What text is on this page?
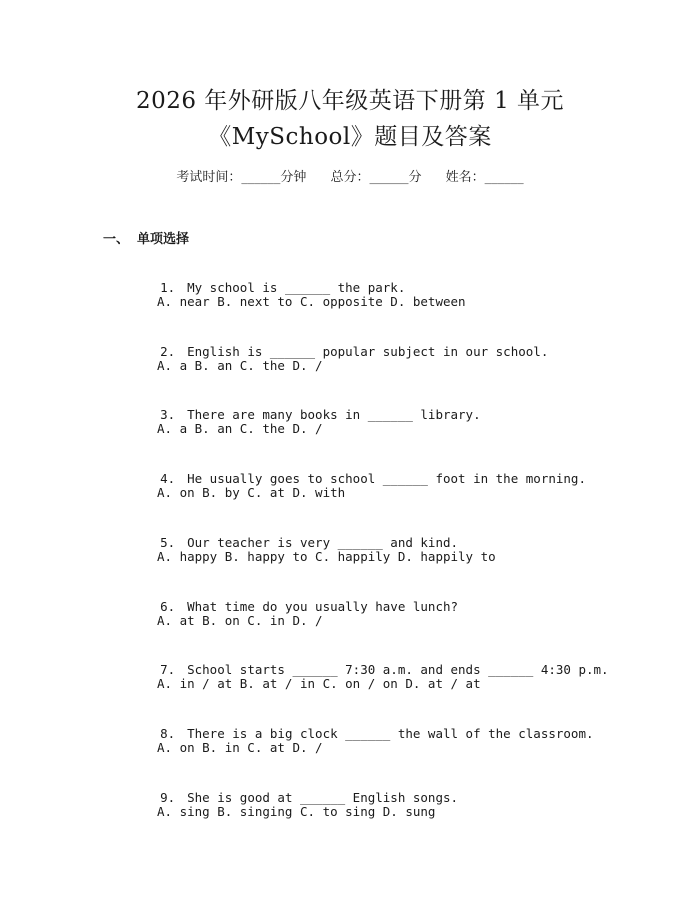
2026 年外研版八年级英语下册第 1 单元
《MySchool》题目及答案
考试时间：______分钟 总分：______分 姓名：______
一、 单项选择

1. My school is ______ the park.

A. near B. next to C. opposite D. between

2. English is ______ popular subject in our school.

A. a B. an C. the D. /

3. There are many books in ______ library.

A. a B. an C. the D. /

4. He usually goes to school ______ foot in the morning.

A. on B. by C. at D. with

5. Our teacher is very ______ and kind.

A. happy B. happy to C. happily D. happily to

6. What time do you usually have lunch?

A. at B. on C. in D. /

7. School starts ______ 7:30 a.m. and ends ______ 4:30 p.m.

A. in / at B. at / in C. on / on D. at / at

8. There is a big clock ______ the wall of the classroom.

A. on B. in C. at D. /

9. She is good at ______ English songs.

A. sing B. singing C. to sing D. sung
